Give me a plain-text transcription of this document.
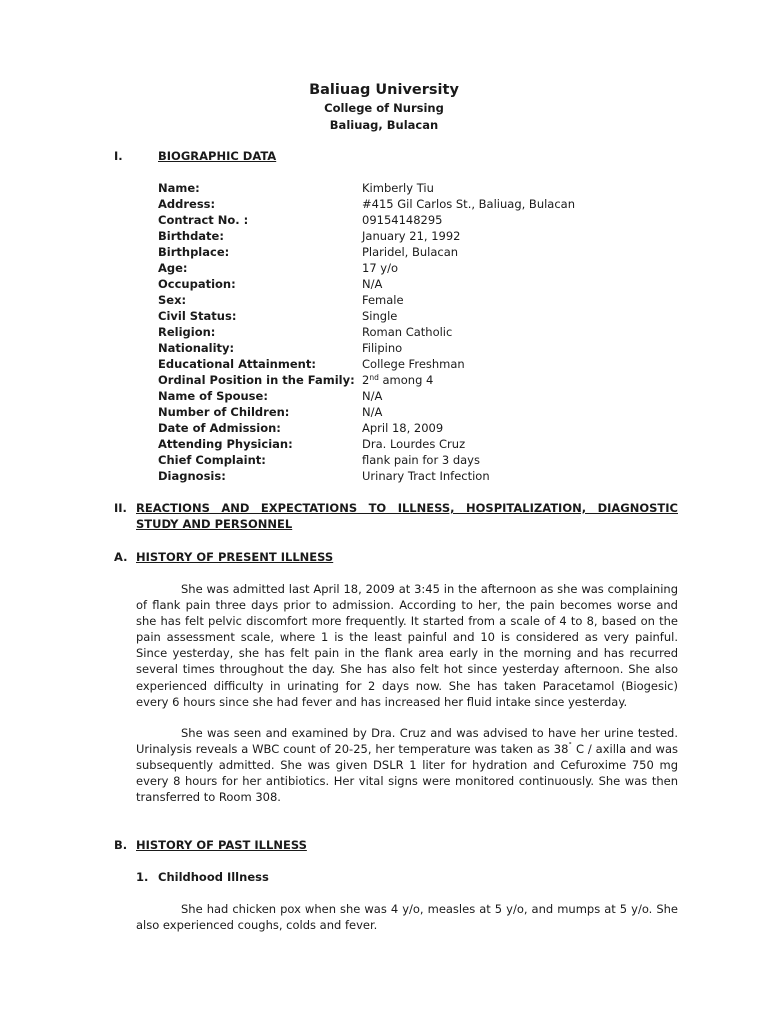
Baliuag University
College of Nursing
Baliuag, Bulacan
I.	BIOGRAPHIC DATA
Name:	Kimberly Tiu
Address:	#415 Gil Carlos St., Baliuag, Bulacan
Contract No. :	09154148295
Birthdate:	January 21, 1992
Birthplace:	Plaridel, Bulacan
Age:	17 y/o
Occupation:	N/A
Sex:	Female
Civil Status:	Single
Religion:	Roman Catholic
Nationality:	Filipino
Educational Attainment:	College Freshman
Ordinal Position in the Family: 2nd among 4
Name of Spouse:	N/A
Number of Children:	N/A
Date of Admission:	April 18, 2009
Attending Physician:	Dra. Lourdes Cruz
Chief Complaint:	flank pain for 3 days
Diagnosis:	Urinary Tract Infection
II. REACTIONS AND EXPECTATIONS TO ILLNESS, HOSPITALIZATION, DIAGNOSTIC STUDY AND PERSONNEL
A. HISTORY OF PRESENT ILLNESS
She was admitted last April 18, 2009 at 3:45 in the afternoon as she was complaining of flank pain three days prior to admission. According to her, the pain becomes worse and she has felt pelvic discomfort more frequently. It started from a scale of 4 to 8, based on the pain assessment scale, where 1 is the least painful and 10 is considered as very painful. Since yesterday, she has felt pain in the flank area early in the morning and has recurred several times throughout the day. She has also felt hot since yesterday afternoon. She also experienced difficulty in urinating for 2 days now. She has taken Paracetamol (Biogesic) every 6 hours since she had fever and has increased her fluid intake since yesterday.
She was seen and examined by Dra. Cruz and was advised to have her urine tested. Urinalysis reveals a WBC count of 20-25, her temperature was taken as 38˚ C / axilla and was subsequently admitted. She was given DSLR 1 liter for hydration and Cefuroxime 750 mg every 8 hours for her antibiotics. Her vital signs were monitored continuously. She was then transferred to Room 308.
B. HISTORY OF PAST ILLNESS
1. Childhood Illness
She had chicken pox when she was 4 y/o, measles at 5 y/o, and mumps at 5 y/o. She also experienced coughs, colds and fever.
